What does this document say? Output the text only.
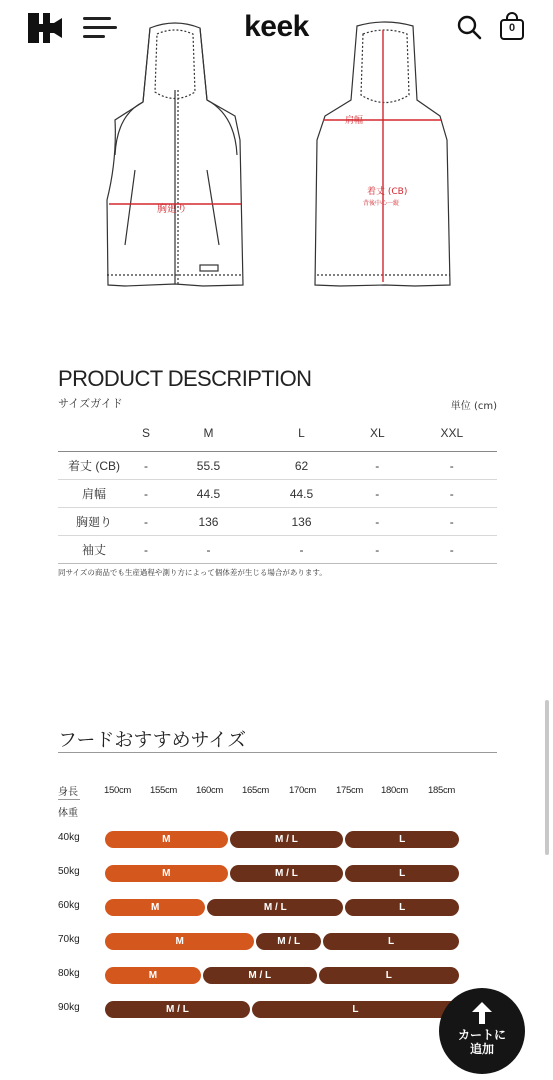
keek	0
胸廻り
肩幅
着丈 (CB)
背後中心一縦
PRODUCT DESCRIPTION
サイズガイド	単位 (cm)
	S	M	L	XL	XXL
着丈 (CB)	-	55.5	62	-	-
肩幅	-	44.5	44.5	-	-
胸廻り	-	136	136	-	-
袖丈	-	-	-	-	-
同サイズの商品でも生産過程や測り方によって個体差が生じる場合があります。
フードおすすめサイズ
身長
体重
150cm 155cm 160cm 165cm 170cm 175cm 180cm 185cm
40kg	M	M / L	L
50kg	M	M / L	L
60kg	M	M / L	L
70kg	M	M / L	L
80kg	M	M / L	L
90kg	M / L	L
カートに
追加
